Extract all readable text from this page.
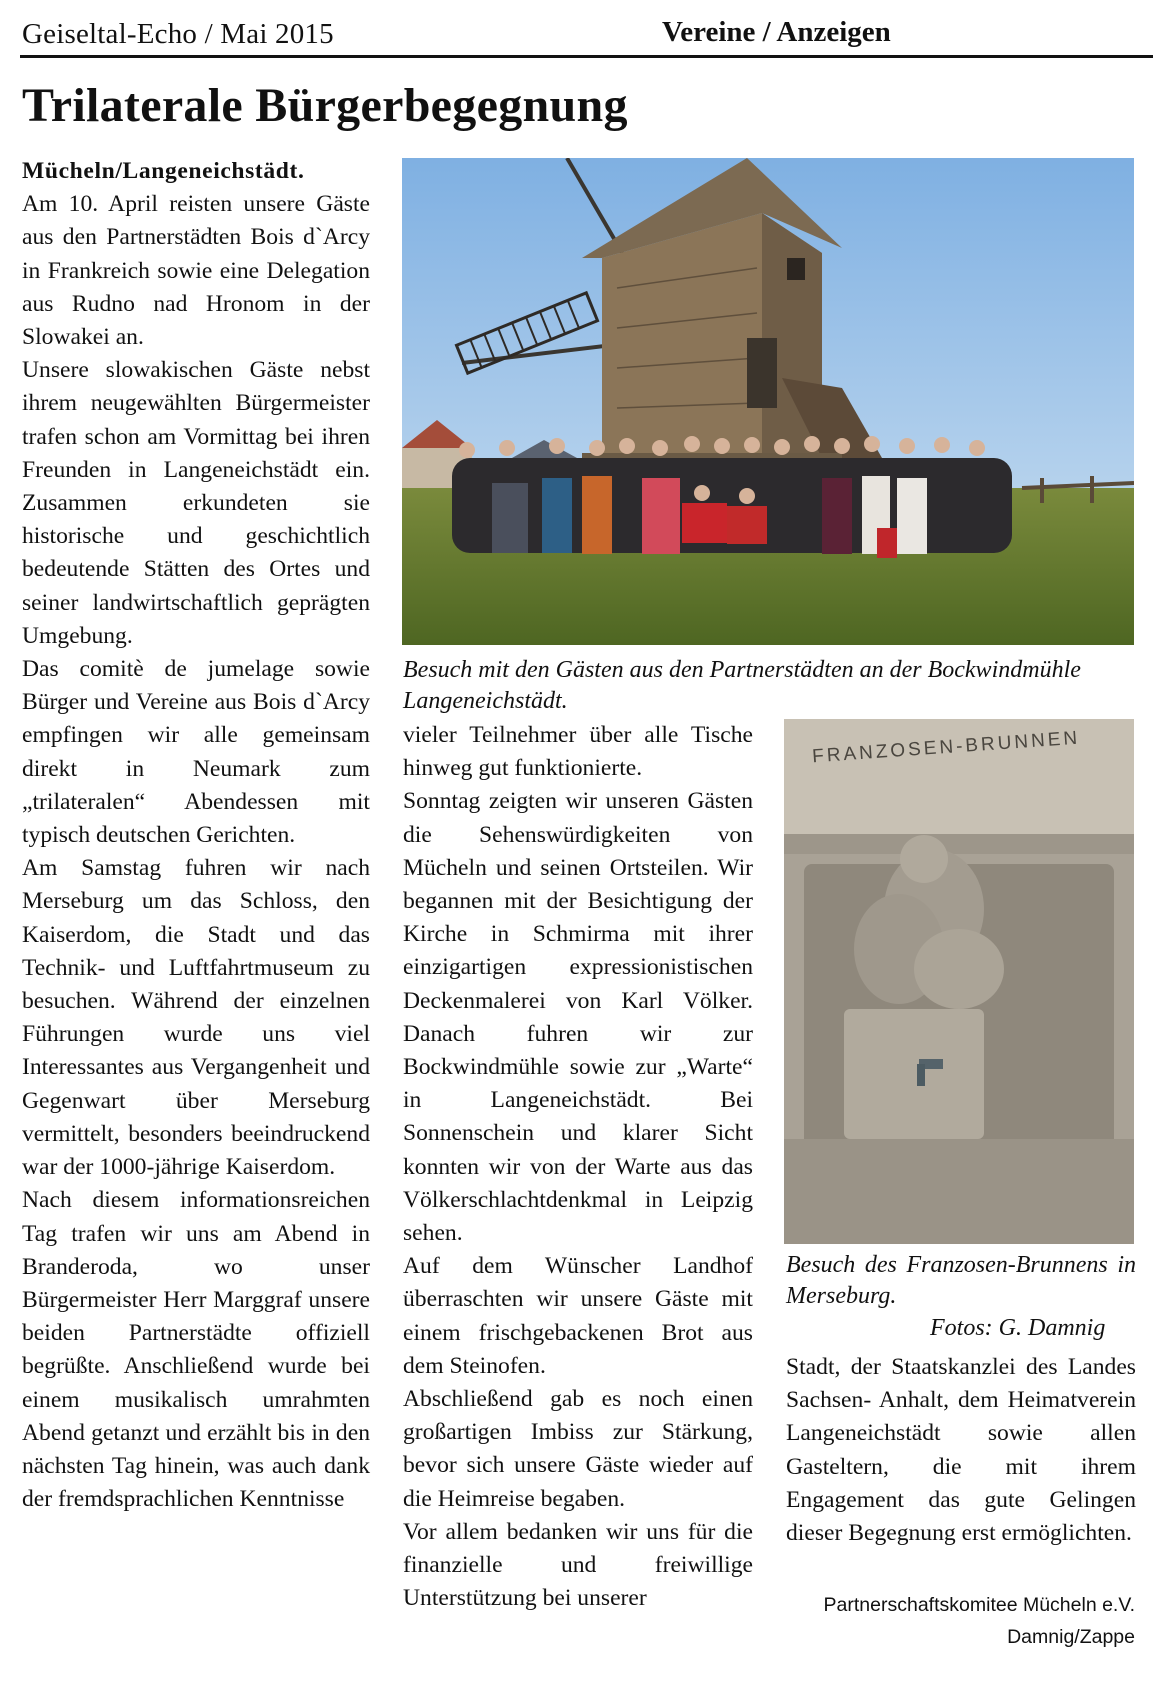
Geiseltal-Echo / Mai 2015	Vereine / Anzeigen
Trilaterale Bürgerbegegnung
Mücheln/Langeneichstädt.

Am 10. April reisten unsere Gäste aus den Partnerstädten Bois d`Arcy in Frankreich sowie eine Delegation aus Rudno nad Hronom in der Slowakei an.

Unsere slowakischen Gäste nebst ihrem neugewählten Bürgermeister trafen schon am Vormittag bei ihren Freunden in Langeneichstädt ein. Zusammen erkundeten sie historische und geschichtlich bedeutende Stätten des Ortes und seiner landwirtschaftlich geprägten Umgebung.

Das comitè de jumelage sowie Bürger und Vereine aus Bois d`Arcy empfingen wir alle gemeinsam direkt in Neumark zum „trilateralen“ Abendessen mit typisch deutschen Gerichten.

Am Samstag fuhren wir nach Merseburg um das Schloss, den Kaiserdom, die Stadt und das Technik- und Luftfahrtmuseum zu besuchen. Während der einzelnen Führungen wurde uns viel Interessantes aus Vergangenheit und Gegenwart über Merseburg vermittelt, besonders beeindruckend war der 1000-jährige Kaiserdom.

Nach diesem informationsreichen Tag trafen wir uns am Abend in Branderoda, wo unser Bürgermeister Herr Marggraf unsere beiden Partnerstädte offiziell begrüßte. Anschließend wurde bei einem musikalisch umrahmten Abend getanzt und erzählt bis in den nächsten Tag hinein, was auch dank der fremdsprachlichen Kenntnisse

Besuch mit den Gästen aus den Partnerstädten an der Bockwindmühle Langeneichstädt.
FRANZOSEN-BRUNNEN
Besuch des Franzosen-Brunnens in Merseburg.
Fotos: G. Damnig

vieler Teilnehmer über alle Tische hinweg gut funktionierte.

Sonntag zeigten wir unseren Gästen die Sehenswürdigkeiten von Mücheln und seinen Ortsteilen. Wir begannen mit der Besichtigung der Kirche in Schmirma mit ihrer einzigartigen expressionistischen Deckenmalerei von Karl Völker. Danach fuhren wir zur Bockwindmühle sowie zur „Warte“ in Langeneichstädt. Bei Sonnenschein und klarer Sicht konnten wir von der Warte aus das Völkerschlachtdenkmal in Leipzig sehen.

Auf dem Wünscher Landhof überraschten wir unsere Gäste mit einem frischgebackenen Brot aus dem Steinofen.

Abschließend gab es noch einen großartigen Imbiss zur Stärkung, bevor sich unsere Gäste wieder auf die Heimreise begaben.

Vor allem bedanken wir uns für die finanzielle und freiwillige Unterstützung bei unserer

Stadt, der Staatskanzlei des Landes Sachsen- Anhalt, dem Heimatverein Langeneichstädt sowie allen Gasteltern, die mit ihrem Engagement das gute Gelingen dieser Begegnung erst ermöglichten.

Partnerschaftskomitee Mücheln e.V.
Damnig/Zappe
